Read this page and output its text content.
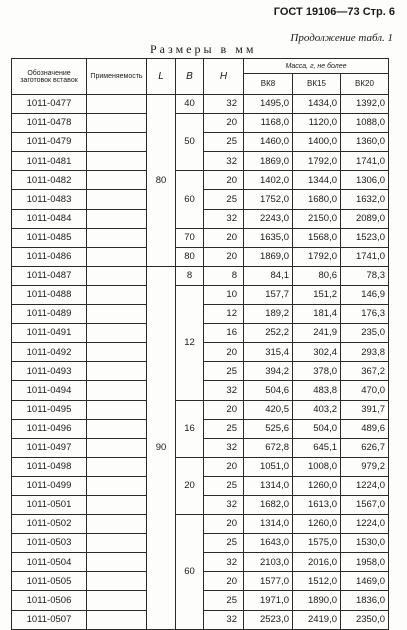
ГОСТ 19106—73 Стр. 6
Продолжение табл. 1
Размеры в мм
Обозначение заготовок вставок	Применяемость	L	B	H	Масса, г, не более		
					ВК8	ВК15	ВК20
1011-0477		80	40	32	1495,0	1434,0	1392,0
1011-0478			50	20	1168,0	1120,0	1088,0
1011-0479				25	1460,0	1400,0	1360,0
1011-0481				32	1869,0	1792,0	1741,0
1011-0482			60	20	1402,0	1344,0	1306,0
1011-0483				25	1752,0	1680,0	1632,0
1011-0484				32	2243,0	2150,0	2089,0
1011-0485			70	20	1635,0	1568,0	1523,0
1011-0486			80	20	1869,0	1792,0	1741,0
1011-0487		90	8	8	84,1	80,6	78,3
1011-0488			12	10	157,7	151,2	146,9
1011-0489				12	189,2	181,4	176,3
1011-0491				16	252,2	241,9	235,0
1011-0492				20	315,4	302,4	293,8
1011-0493				25	394,2	378,0	367,2
1011-0494				32	504,6	483,8	470,0
1011-0495			16	20	420,5	403,2	391,7
1011-0496				25	525,6	504,0	489,6
1011-0497				32	672,8	645,1	626,7
1011-0498			20	20	1051,0	1008,0	979,2
1011-0499				25	1314,0	1260,0	1224,0
1011-0501				32	1682,0	1613,0	1567,0
1011-0502			60	20	1314,0	1260,0	1224,0
1011-0503				25	1643,0	1575,0	1530,0
1011-0504				32	2103,0	2016,0	1958,0
1011-0505				20	1577,0	1512,0	1469,0
1011-0506				25	1971,0	1890,0	1836,0
1011-0507				32	2523,0	2419,0	2350,0
